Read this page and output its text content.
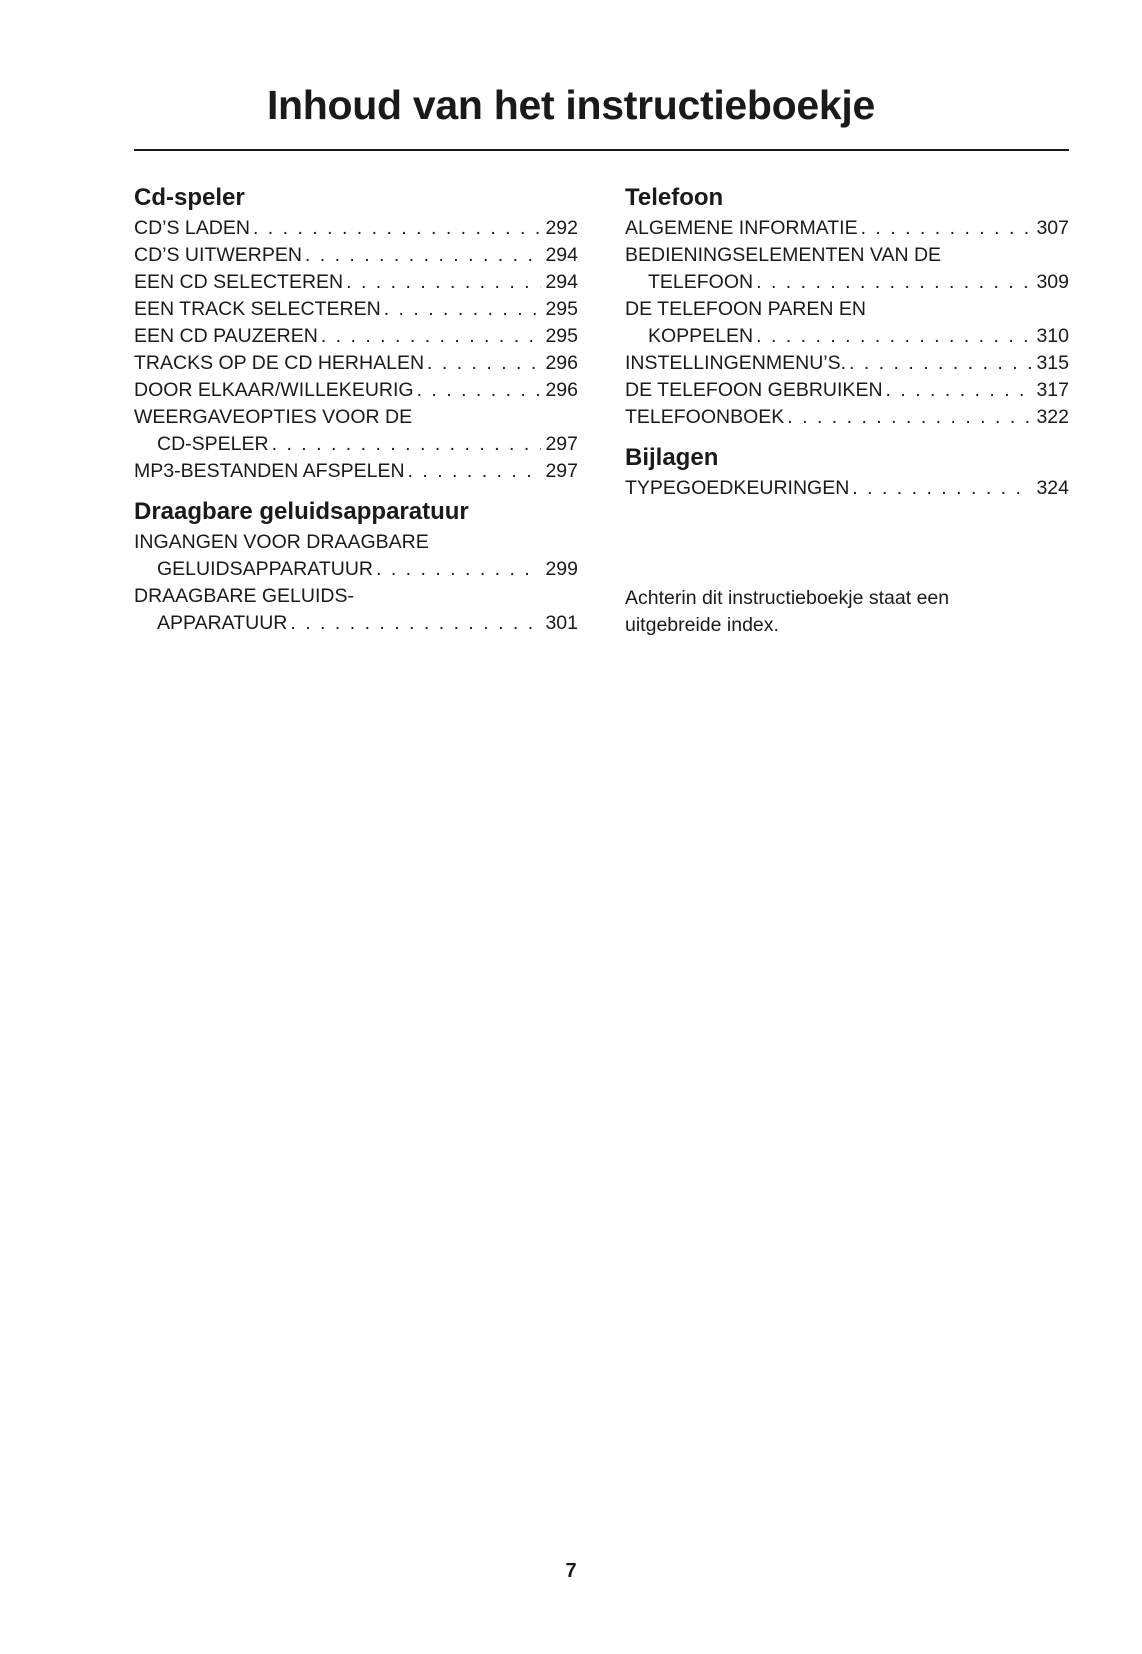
Inhoud van het instructieboekje
Cd-speler
CD’S LADEN . . .	292
CD’S UITWERPEN . . .	294
EEN CD SELECTEREN . . .	294
EEN TRACK SELECTEREN . . .	295
EEN CD PAUZEREN . . .	295
TRACKS OP DE CD HERHALEN . . .	296
DOOR ELKAAR/WILLEKEURIG . . .	296
WEERGAVEOPTIES VOOR DE
CD-SPELER . . .	297
MP3-BESTANDEN AFSPELEN . . .	297
Draagbare geluidsapparatuur
INGANGEN VOOR DRAAGBARE
GELUIDSAPPARATUUR . . .	299
DRAAGBARE GELUIDS-
APPARATUUR . . .	301
Telefoon
ALGEMENE INFORMATIE . . .	307
BEDIENINGSELEMENTEN VAN DE
TELEFOON . . .	309
DE TELEFOON PAREN EN
KOPPELEN . . .	310
INSTELLINGENMENU’S. . . .	315
DE TELEFOON GEBRUIKEN . . .	317
TELEFOONBOEK . . .	322
Bijlagen
TYPEGOEDKEURINGEN . . .	324

Achterin dit instructieboekje staat een
uitgebreide index.

7
